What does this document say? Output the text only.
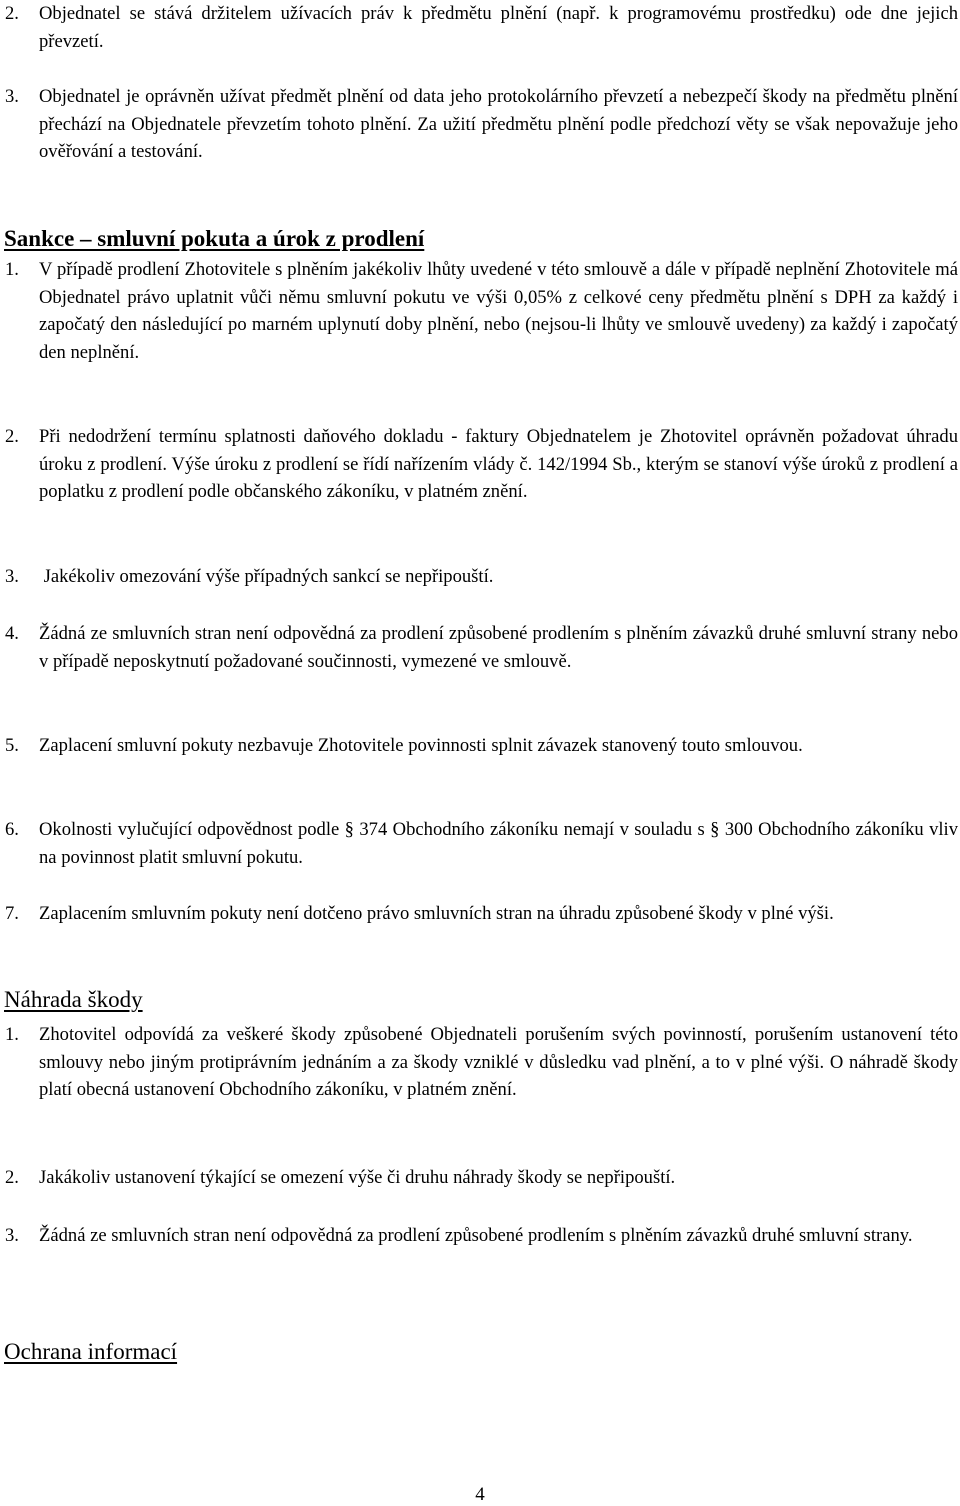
2.	Objednatel se stává držitelem užívacích práv k předmětu plnění (např. k programovému prostředku) ode dne jejich převzetí.
3.	Objednatel je oprávněn užívat předmět plnění od data jeho protokolárního převzetí a nebezpečí škody na předmětu plnění přechází na Objednatele převzetím tohoto plnění. Za užití předmětu plnění podle předchozí věty se však nepovažuje jeho ověřování a testování.
Sankce – smluvní pokuta a úrok z prodlení
1.	V případě prodlení Zhotovitele s plněním jakékoliv lhůty uvedené v této smlouvě a dále v případě neplnění Zhotovitele má Objednatel právo uplatnit vůči němu smluvní pokutu ve výši 0,05% z celkové ceny předmětu plnění s DPH za každý i započatý den následující po marném uplynutí doby plnění, nebo (nejsou-li lhůty ve smlouvě uvedeny) za každý i započatý den neplnění.
2.	Při nedodržení termínu splatnosti daňového dokladu - faktury Objednatelem je Zhotovitel oprávněn požadovat úhradu úroku z prodlení. Výše úroku z prodlení se řídí nařízením vlády č. 142/1994 Sb., kterým se stanoví výše úroků z prodlení a poplatku z prodlení podle občanského zákoníku, v platném znění.
3.	Jakékoliv omezování výše případných sankcí se nepřipouští.
4.	Žádná ze smluvních stran není odpovědná za prodlení způsobené prodlením s plněním závazků druhé smluvní strany nebo v případě neposkytnutí požadované součinnosti, vymezené ve smlouvě.
5.	Zaplacení smluvní pokuty nezbavuje Zhotovitele povinnosti splnit závazek stanovený touto smlouvou.
6.	Okolnosti vylučující odpovědnost podle § 374 Obchodního zákoníku nemají v souladu s § 300 Obchodního zákoníku vliv na povinnost platit smluvní pokutu.
7.	Zaplacením smluvním pokuty není dotčeno právo smluvních stran na úhradu způsobené škody v plné výši.
Náhrada škody
1.	Zhotovitel odpovídá za veškeré škody způsobené Objednateli porušením svých povinností, porušením ustanovení této smlouvy nebo jiným protiprávním jednáním a za škody vzniklé v důsledku vad plnění, a to v plné výši. O náhradě škody platí obecná ustanovení Obchodního zákoníku, v platném znění.
2.	Jakákoliv ustanovení týkající se omezení výše či druhu náhrady škody se nepřipouští.
3.	Žádná ze smluvních stran není odpovědná za prodlení způsobené prodlením s plněním závazků druhé smluvní strany.
Ochrana informací
4
